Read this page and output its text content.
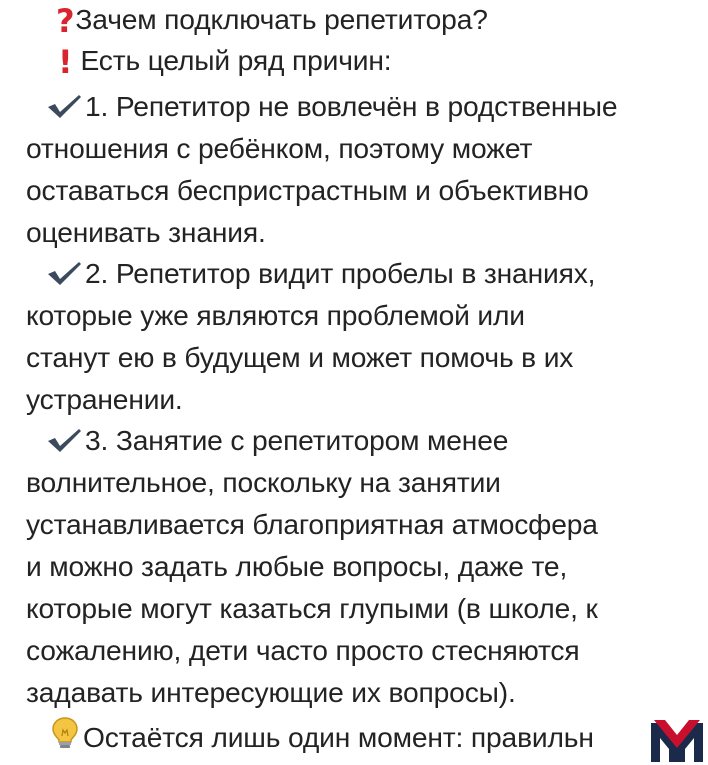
?Зачем подключать репетитора?
! Есть целый ряд причин:
1. Репетитор не вовлечён в родственные
отношения с ребёнком, поэтому может
оставаться беспристрастным и объективно
оценивать знания.
2. Репетитор видит пробелы в знаниях,
которые уже являются проблемой или
станут ею в будущем и может помочь в их
устранении.
3. Занятие с репетитором менее
волнительное, поскольку на занятии
устанавливается благоприятная атмосфера
и можно задать любые вопросы, даже те,
которые могут казаться глупыми (в школе, к
сожалению, дети часто просто стесняются
задавать интересующие их вопросы).
Остаётся лишь один момент: правильн
